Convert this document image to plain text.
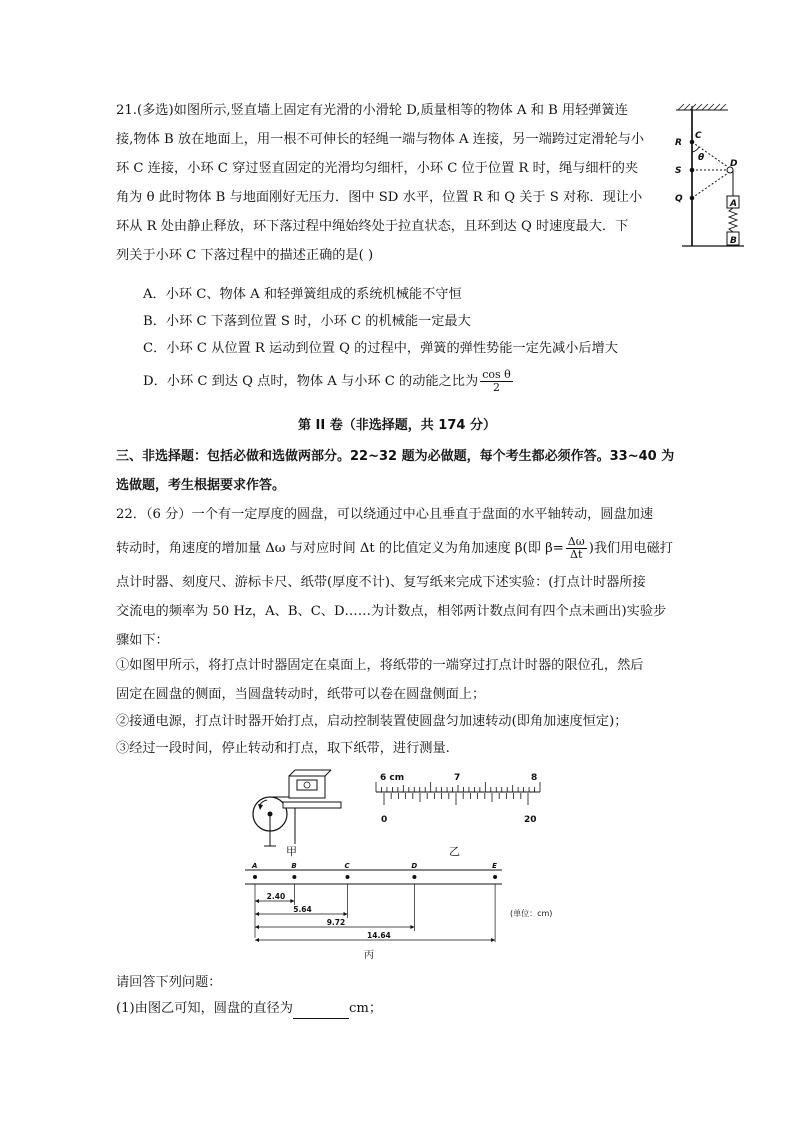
21.(多选)如图所示,竖直墙上固定有光滑的小滑轮 D,质量相等的物体 A 和 B 用轻弹簧连
接,物体 B 放在地面上，用一根不可伸长的轻绳一端与物体 A 连接，另一端跨过定滑轮与小
环 C 连接，小环 C 穿过竖直固定的光滑均匀细杆，小环 C 位于位置 R 时，绳与细杆的夹
角为 θ 此时物体 B 与地面刚好无压力．图中 SD 水平，位置 R 和 Q 关于 S 对称．现让小
环从 R 处由静止释放，环下落过程中绳始终处于拉直状态，且环到达 Q 时速度最大．下
列关于小环 C 下落过程中的描述正确的是( )
A．小环 C、物体 A 和轻弹簧组成的系统机械能不守恒
B．小环 C 下落到位置 S 时，小环 C 的机械能一定最大
C．小环 C 从位置 R 运动到位置 Q 的过程中，弹簧的弹性势能一定先减小后增大
D．小环 C 到达 Q 点时，物体 A 与小环 C 的动能之比为 $\frac{\text{cos θ}}{2}$
R
C
θ
D
S
Q	A
B
第 II 卷（非选择题，共 174 分）
三、非选择题：包括必做和选做两部分。22~32 题为必做题，每个考生都必须作答。33~40 为
选做题，考生根据要求作答。
22．（6 分）一个有一定厚度的圆盘，可以绕通过中心且垂直于盘面的水平轴转动，圆盘加速
转动时，角速度的增加量 Δω 与对应时间 Δt 的比值定义为角加速度 β(即 $\beta= \frac{\Delta\omega}{\Delta t}$ )我们用电磁打
点计时器、刻度尺、游标卡尺、纸带(厚度不计)、复写纸来完成下述实验：(打点计时器所接
交流电的频率为 50 Hz，A、B、C、D……为计数点，相邻两计数点间有四个点未画出)实验步
骤如下：
①如图甲所示，将打点计时器固定在桌面上，将纸带的一端穿过打点计时器的限位孔，然后
固定在圆盘的侧面，当圆盘转动时，纸带可以卷在圆盘侧面上；
②接通电源，打点计时器开始打点，启动控制装置使圆盘匀加速转动(即角加速度恒定)；
③经过一段时间，停止转动和打点，取下纸带，进行测量.
甲
6 cm	7	8
0	20
乙
A	B	C	D	E
2.40
5.64
9.72
14.64
(单位：cm)
丙
请回答下列问题：
(1)由图乙可知，圆盘的直径为	cm；
